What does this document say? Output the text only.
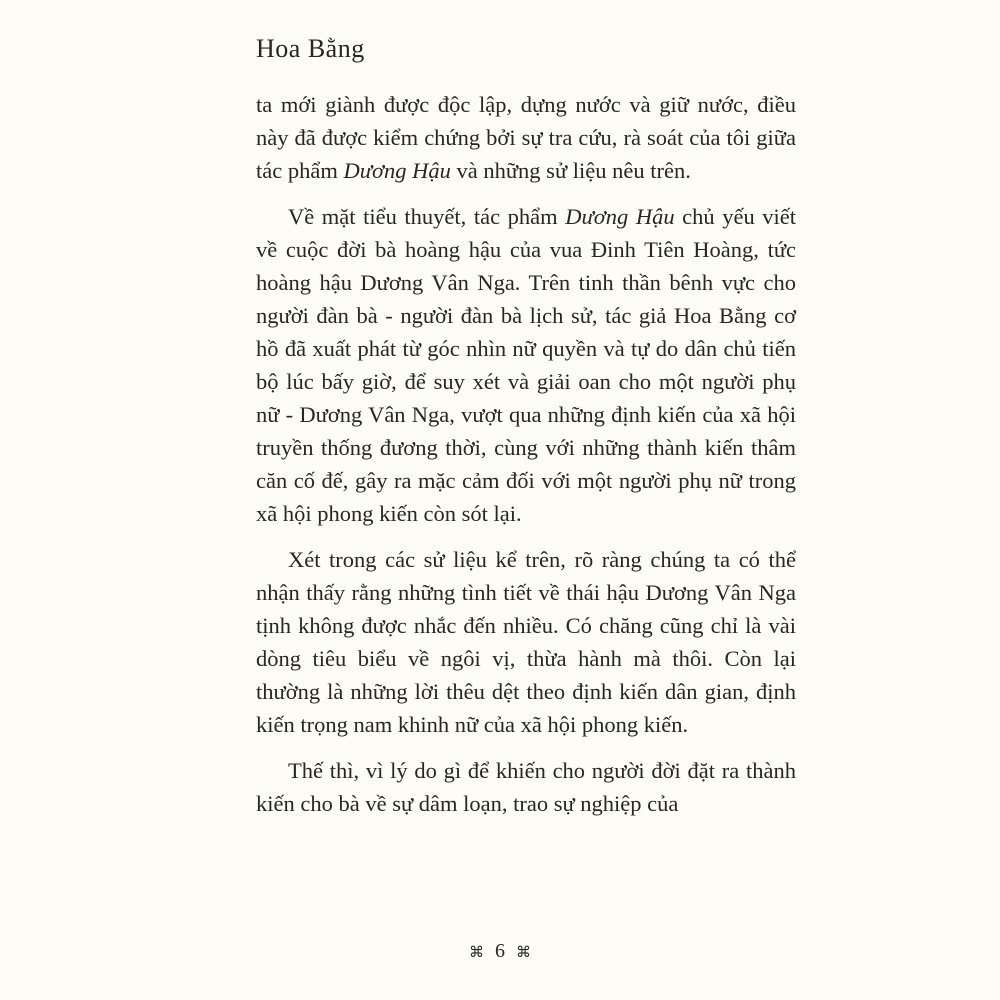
Hoa Bằng

ta mới giành được độc lập, dựng nước và giữ nước, điều này đã được kiểm chứng bởi sự tra cứu, rà soát của tôi giữa tác phẩm Dương Hậu và những sử liệu nêu trên.

Về mặt tiểu thuyết, tác phẩm Dương Hậu chủ yếu viết về cuộc đời bà hoàng hậu của vua Đinh Tiên Hoàng, tức hoàng hậu Dương Vân Nga. Trên tinh thần bênh vực cho người đàn bà - người đàn bà lịch sử, tác giả Hoa Bằng cơ hồ đã xuất phát từ góc nhìn nữ quyền và tự do dân chủ tiến bộ lúc bấy giờ, để suy xét và giải oan cho một người phụ nữ - Dương Vân Nga, vượt qua những định kiến của xã hội truyền thống đương thời, cùng với những thành kiến thâm căn cố đế, gây ra mặc cảm đối với một người phụ nữ trong xã hội phong kiến còn sót lại.

Xét trong các sử liệu kể trên, rõ ràng chúng ta có thể nhận thấy rằng những tình tiết về thái hậu Dương Vân Nga tịnh không được nhắc đến nhiều. Có chăng cũng chỉ là vài dòng tiêu biểu về ngôi vị, thừa hành mà thôi. Còn lại thường là những lời thêu dệt theo định kiến dân gian, định kiến trọng nam khinh nữ của xã hội phong kiến.

Thế thì, vì lý do gì để khiến cho người đời đặt ra thành kiến cho bà về sự dâm loạn, trao sự nghiệp của

⌘ 6 ⌘
